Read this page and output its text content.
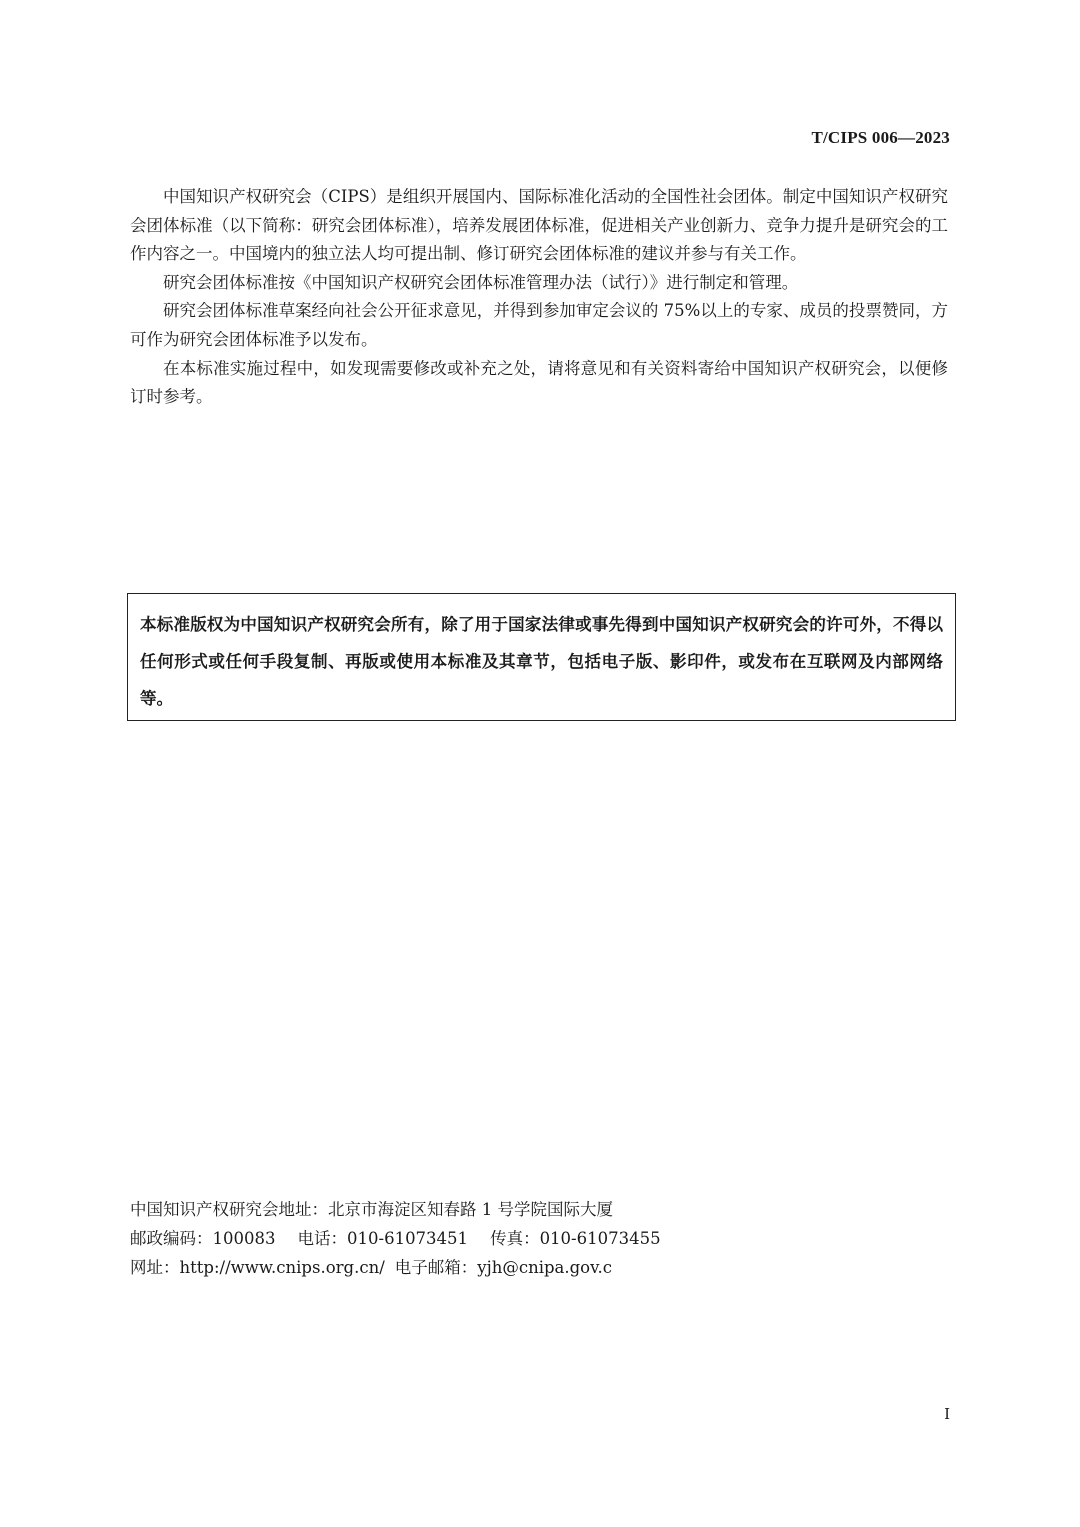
T/CIPS 006—2023

中国知识产权研究会（CIPS）是组织开展国内、国际标准化活动的全国性社会团体。制定中国知识产权研究会团体标准（以下简称：研究会团体标准），培养发展团体标准，促进相关产业创新力、竞争力提升是研究会的工作内容之一。中国境内的独立法人均可提出制、修订研究会团体标准的建议并参与有关工作。

研究会团体标准按《中国知识产权研究会团体标准管理办法（试行）》进行制定和管理。

研究会团体标准草案经向社会公开征求意见，并得到参加审定会议的 75%以上的专家、成员的投票赞同，方可作为研究会团体标准予以发布。

在本标准实施过程中，如发现需要修改或补充之处，请将意见和有关资料寄给中国知识产权研究会，以便修订时参考。

本标准版权为中国知识产权研究会所有，除了用于国家法律或事先得到中国知识产权研究会的许可外，不得以任何形式或任何手段复制、再版或使用本标准及其章节，包括电子版、影印件，或发布在互联网及内部网络等。
中国知识产权研究会地址：北京市海淀区知春路 1 号学院国际大厦
邮政编码：100083 电话：010-61073451 传真：010-61073455
网址：http://www.cnips.org.cn/ 电子邮箱：yjh@cnipa.gov.c
I
